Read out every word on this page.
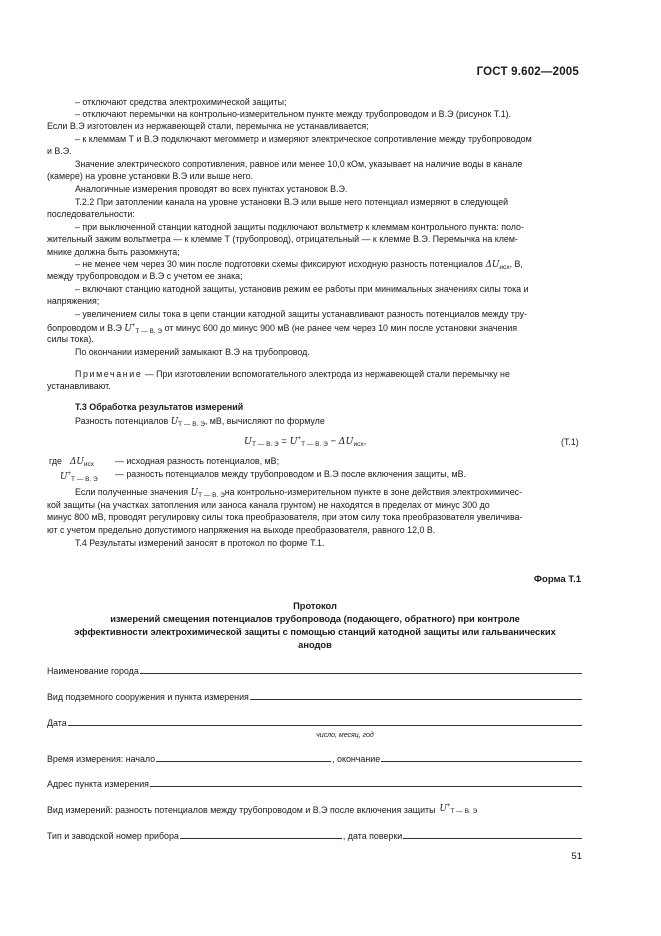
ГОСТ 9.602—2005

– отключают средства электрохимической защиты;

– отключают перемычки на контрольно-измерительном пункте между трубопроводом и В.Э (рисунок Т.1).

Если В.Э изготовлен из нержавеющей стали, перемычка не устанавливается;

– к клеммам Т и В.Э подключают мегомметр и измеряют электрическое сопротивление между трубопроводом

и В.Э.

Значение электрического сопротивления, равное или менее 10,0 кОм, указывает на наличие воды в канале

(камере) на уровне установки В.Э или выше него.

Аналогичные измерения проводят во всех пунктах установок В.Э.

Т.2.2 При затоплении канала на уровне установки В.Э или выше него потенциал измеряют в следующей

последовательности:

– при выключенной станции катодной защиты подключают вольтметр к клеммам контрольного пункта: поло-

жительный зажим вольтметра — к клемме Т (трубопровод), отрицательный — к клемме В.Э. Перемычка на клем-

мнике должна быть разомкнута;

– не менее чем через 30 мин после подготовки схемы фиксируют исходную разность потенциалов $\Delta U_{исх}$, В,

между трубопроводом и В.Э с учетом ее знака;

– включают станцию катодной защиты, установив режим ее работы при минимальных значениях силы тока и

напряжения;

– увеличением силы тока в цепи станции катодной защиты устанавливают разность потенциалов между тру-

бопроводом и В.Э $U^+_{Т — В. Э}$ от минус 600 до минус 900 мВ (не ранее чем через 10 мин после установки значения

силы тока).

По окончании измерений замыкают В.Э на трубопровод.

Примечание — При изготовлении вспомогательного электрода из нержавеющей стали перемычку не

устанавливают.

Т.3 Обработка результатов измерений

Разность потенциалов $U_{Т — В. Э}$, мВ, вычисляют по формуле

$U_{Т — В. Э} = U^+_{Т — В. Э} - \Delta U_{исх}$,	(Т.1)
где $\Delta U_{исх}$ — исходная разность потенциалов, мВ;
$U^+_{Т — В. Э}$
— разность потенциалов между трубопроводом и В.Э после включения защиты, мВ.

Если полученные значения $U_{Т — В. Э}на$ контрольно-измерительном пункте в зоне действия электрохимичес-

кой защиты (на участках затопления или заноса канала грунтом) не находятся в пределах от минус 300 до

минус 800 мВ, проводят регулировку силы тока преобразователя, при этом силу тока преобразователя увеличива-

ют с учетом предельно допустимого напряжения на выходе преобразователя, равного 12,0 В.

Т.4 Результаты измерений заносят в протокол по форме Т.1.

Форма Т.1
Протокол
измерений смещения потенциалов трубопровода (подающего, обратного) при контроле
эффективности электрохимической защиты с помощью станций катодной защиты или гальванических
анодов
Наименование города
Вид подземного сооружения и пункта измерения
Дата
число, месяц, год
Время измерения: начало	, окончание
Адрес пункта измерения
Вид измерений: разность потенциалов между трубопроводом и В.Э после включения защиты $U^+_{Т — В. Э}$
Тип и заводской номер прибора	, дата поверки
51
